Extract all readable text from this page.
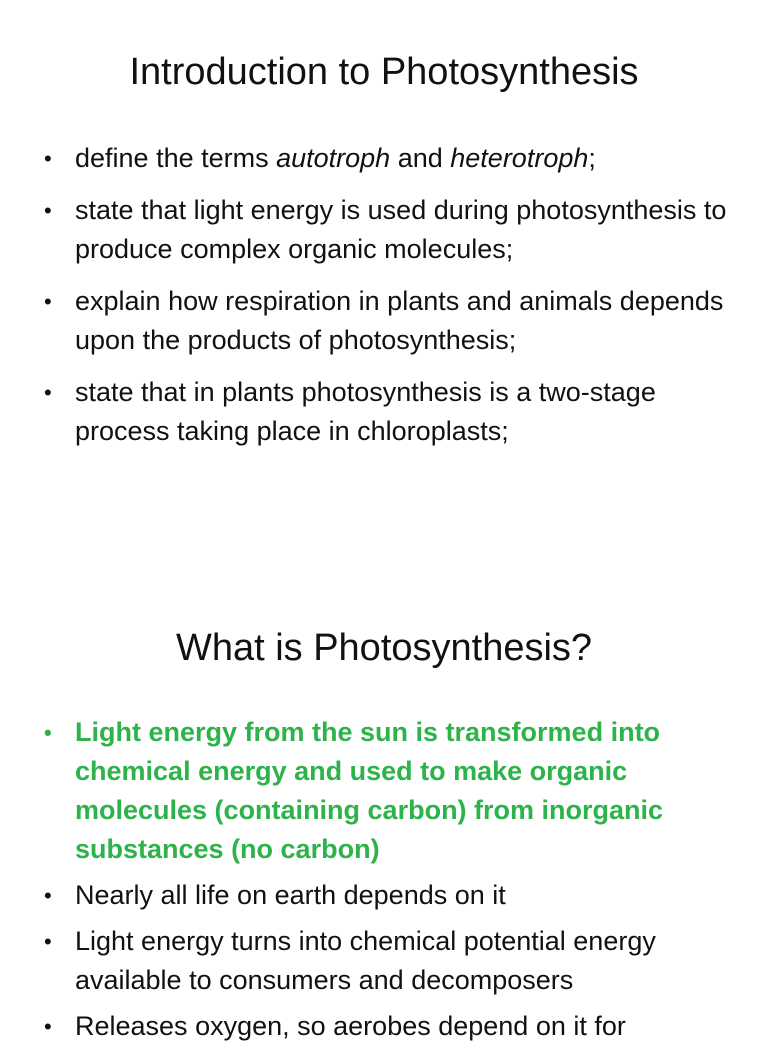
Introduction to Photosynthesis
• define the terms autotroph and heterotroph;
• state that light energy is used during photosynthesis to produce complex organic molecules;
• explain how respiration in plants and animals depends upon the products of photosynthesis;
• state that in plants photosynthesis is a two-stage process taking place in chloroplasts;
What is Photosynthesis?
• Light energy from the sun is transformed into chemical energy and used to make organic molecules (containing carbon) from inorganic substances (no carbon)
• Nearly all life on earth depends on it
• Light energy turns into chemical potential energy available to consumers and decomposers
• Releases oxygen, so aerobes depend on it for
